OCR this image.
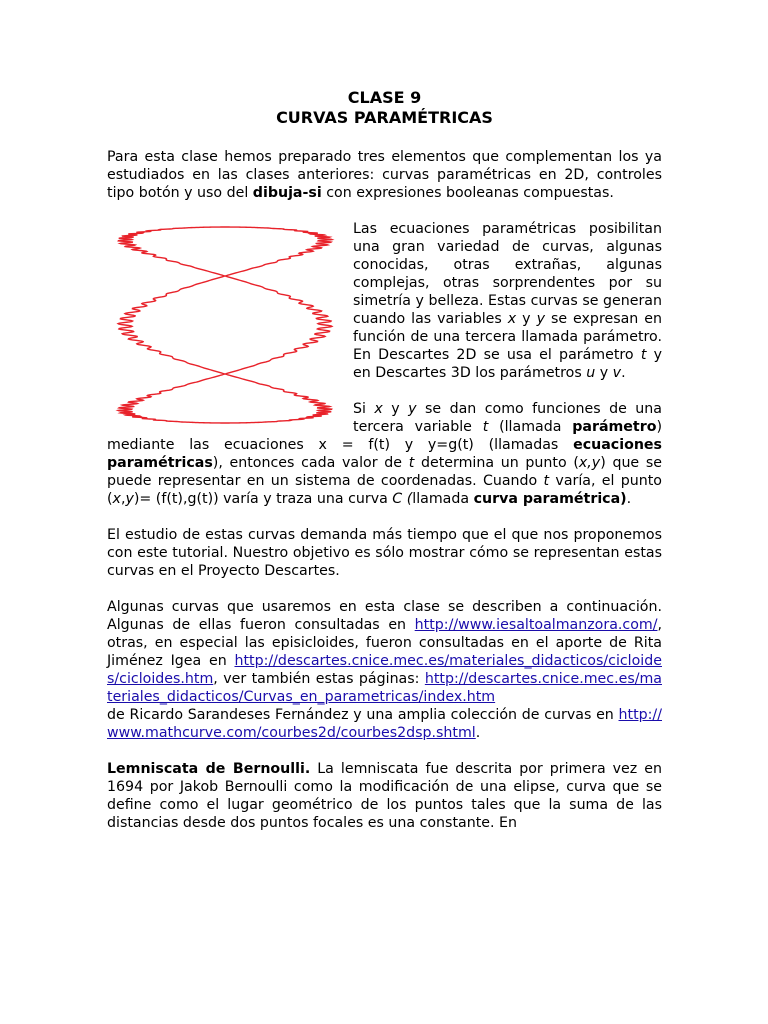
CLASE 9
CURVAS PARAMÉTRICAS

Para esta clase hemos preparado tres elementos que complementan los ya estudiados en las clases anteriores: curvas paramétricas en 2D, controles tipo botón y uso del dibuja-si con expresiones booleanas compuestas.

Las ecuaciones paramétricas posibilitan una gran variedad de curvas, algunas conocidas, otras extrañas, algunas complejas, otras sorprendentes por su simetría y belleza. Estas curvas se generan cuando las variables x y y se expresan en función de una tercera llamada parámetro. En Descartes 2D se usa el parámetro t y en Descartes 3D los parámetros u y v.

Si x y y se dan como funciones de una tercera variable t (llamada parámetro) mediante las ecuaciones x = f(t) y y=g(t) (llamadas ecuaciones paramétricas), entonces cada valor de t determina un punto (x,y) que se puede representar en un sistema de coordenadas. Cuando t varía, el punto (x,y)= (f(t),g(t)) varía y traza una curva C (llamada curva paramétrica).

El estudio de estas curvas demanda más tiempo que el que nos proponemos con este tutorial. Nuestro objetivo es sólo mostrar cómo se representan estas curvas en el Proyecto Descartes.

Algunas curvas que usaremos en esta clase se describen a continuación. Algunas de ellas fueron consultadas en http://www.iesaltoalmanzora.com/, otras, en especial las episicloides, fueron consultadas en el aporte de Rita Jiménez Igea en http://descartes.cnice.mec.es/materiales_didacticos/cicloides/cicloides.htm, ver también estas páginas: http://descartes.cnice.mec.es/materiales_didacticos/Curvas_en_parametricas/index.htm
de Ricardo Sarandeses Fernández y una amplia colección de curvas en http://www.mathcurve.com/courbes2d/courbes2dsp.shtml.

Lemniscata de Bernoulli. La lemniscata fue descrita por primera vez en 1694 por Jakob Bernoulli como la modificación de una elipse, curva que se define como el lugar geométrico de los puntos tales que la suma de las distancias desde dos puntos focales es una constante. En
